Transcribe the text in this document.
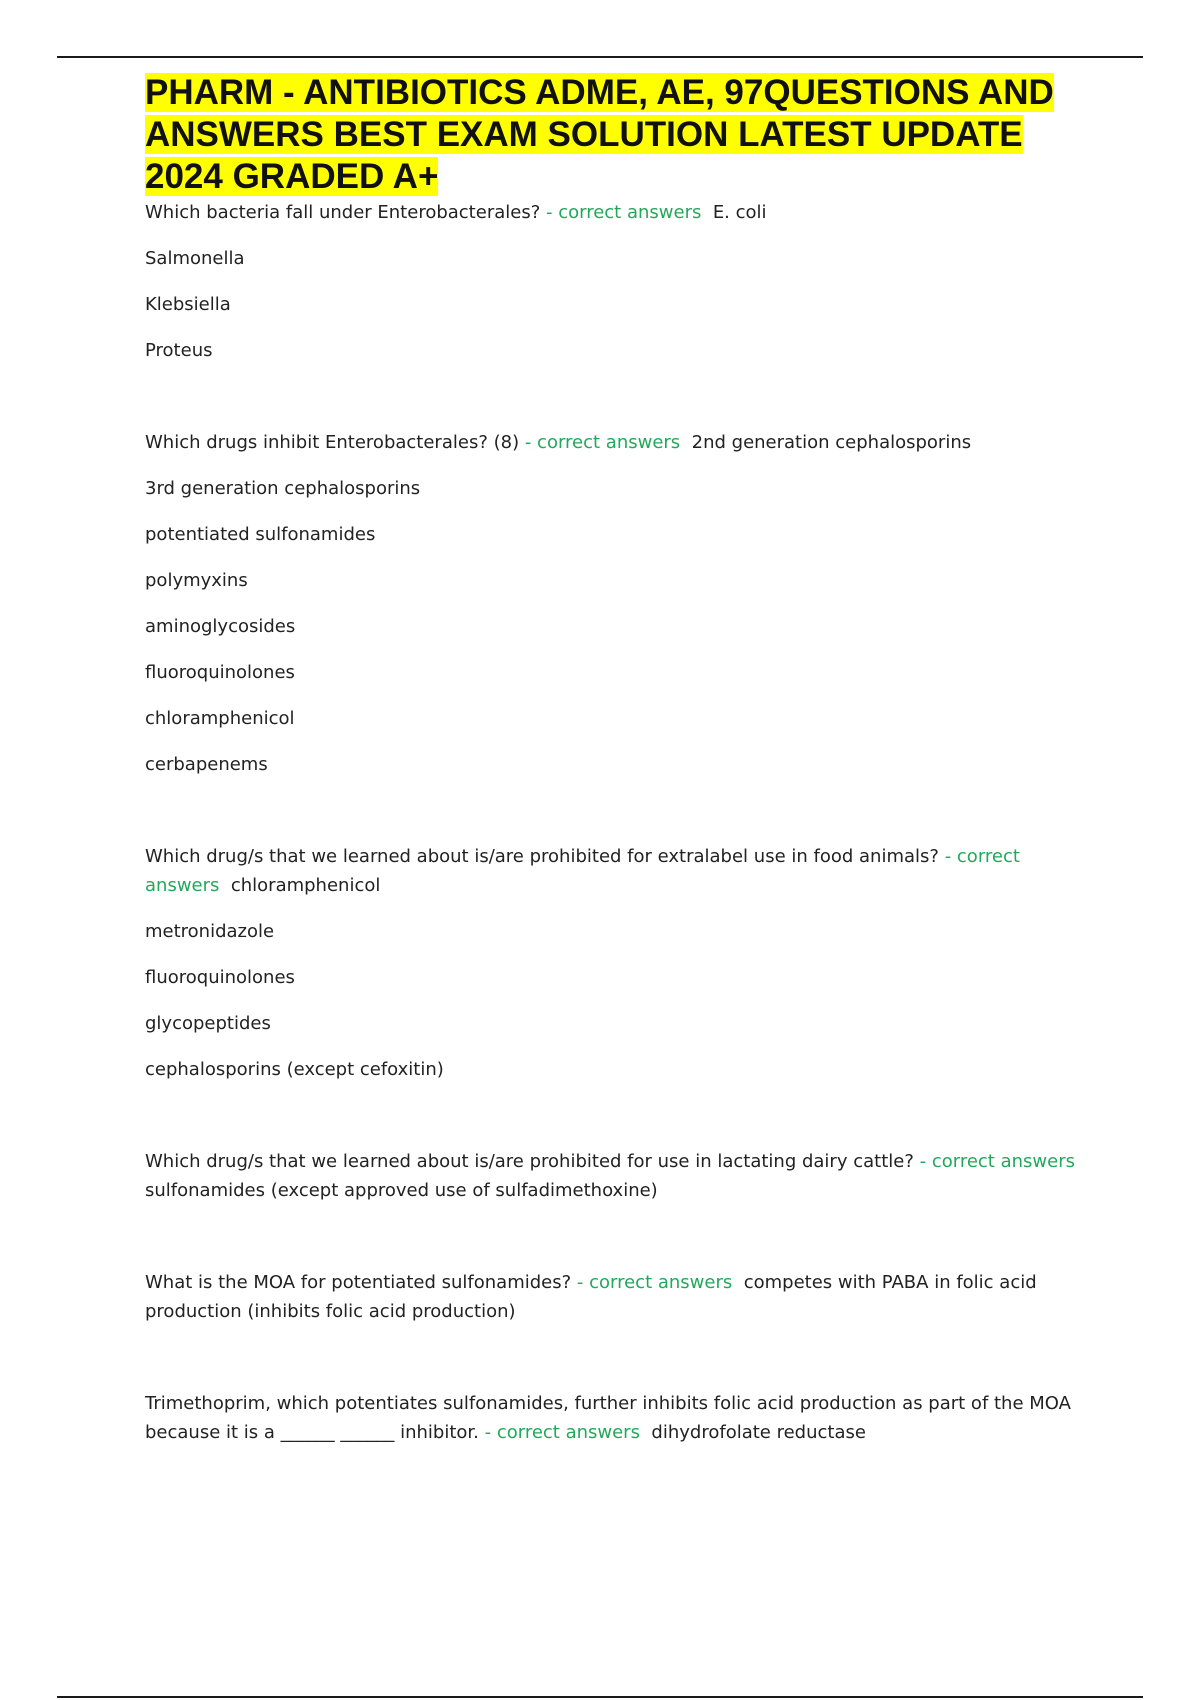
PHARM - ANTIBIOTICS ADME, AE, 97QUESTIONS AND ANSWERS BEST EXAM SOLUTION LATEST UPDATE 2024 GRADED A+

Which bacteria fall under Enterobacterales? - correct answers E. coli

Salmonella

Klebsiella

Proteus

Which drugs inhibit Enterobacterales? (8) - correct answers 2nd generation cephalosporins

3rd generation cephalosporins

potentiated sulfonamides

polymyxins

aminoglycosides

fluoroquinolones

chloramphenicol

cerbapenems

Which drug/s that we learned about is/are prohibited for extralabel use in food animals? - correct answers chloramphenicol

metronidazole

fluoroquinolones

glycopeptides

cephalosporins (except cefoxitin)

Which drug/s that we learned about is/are prohibited for use in lactating dairy cattle? - correct answers  sulfonamides (except approved use of sulfadimethoxine)

What is the MOA for potentiated sulfonamides? - correct answers competes with PABA in folic acid production (inhibits folic acid production)

Trimethoprim, which potentiates sulfonamides, further inhibits folic acid production as part of the MOA because it is a ______ ______ inhibitor. - correct answers dihydrofolate reductase
